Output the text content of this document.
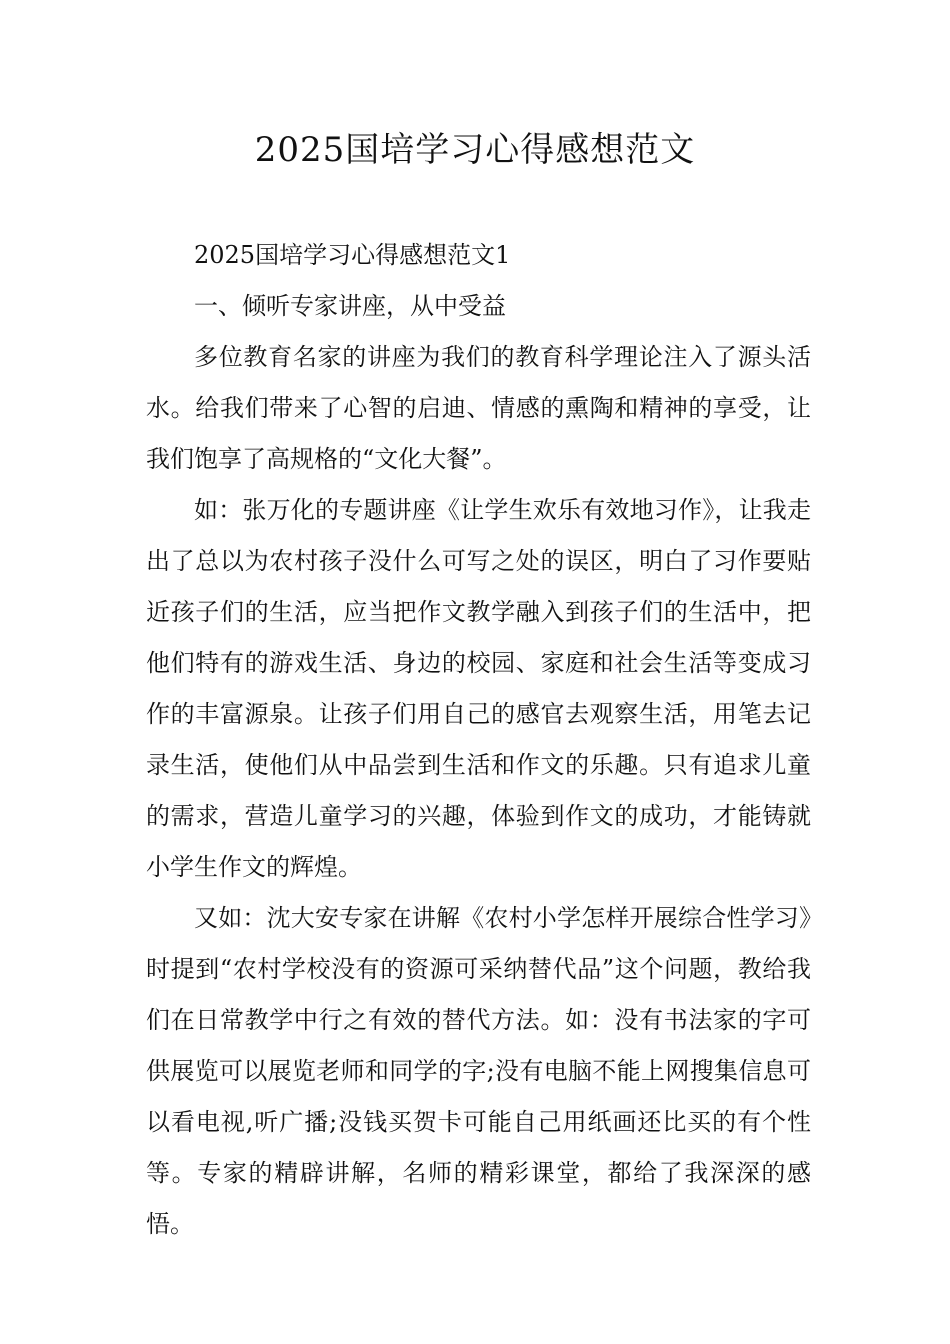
2025国培学习心得感想范文

2025国培学习心得感想范文1

一、倾听专家讲座，从中受益

多位教育名家的讲座为我们的教育科学理论注入了源头活水。给我们带来了心智的启迪、情感的熏陶和精神的享受，让我们饱享了高规格的“文化大餐”。

如：张万化的专题讲座《让学生欢乐有效地习作》，让我走出了总以为农村孩子没什么可写之处的误区，明白了习作要贴近孩子们的生活，应当把作文教学融入到孩子们的生活中，把他们特有的游戏生活、身边的校园、家庭和社会生活等变成习作的丰富源泉。让孩子们用自己的感官去观察生活，用笔去记录生活，使他们从中品尝到生活和作文的乐趣。只有追求儿童的需求，营造儿童学习的兴趣，体验到作文的成功，才能铸就小学生作文的辉煌。

又如：沈大安专家在讲解《农村小学怎样开展综合性学习》时提到“农村学校没有的资源可采纳替代品”这个问题，教给我们在日常教学中行之有效的替代方法。如：没有书法家的字可供展览可以展览老师和同学的字;没有电脑不能上网搜集信息可以看电视,听广播;没钱买贺卡可能自己用纸画还比买的有个性等。专家的精辟讲解，名师的精彩课堂，都给了我深深的感悟。
